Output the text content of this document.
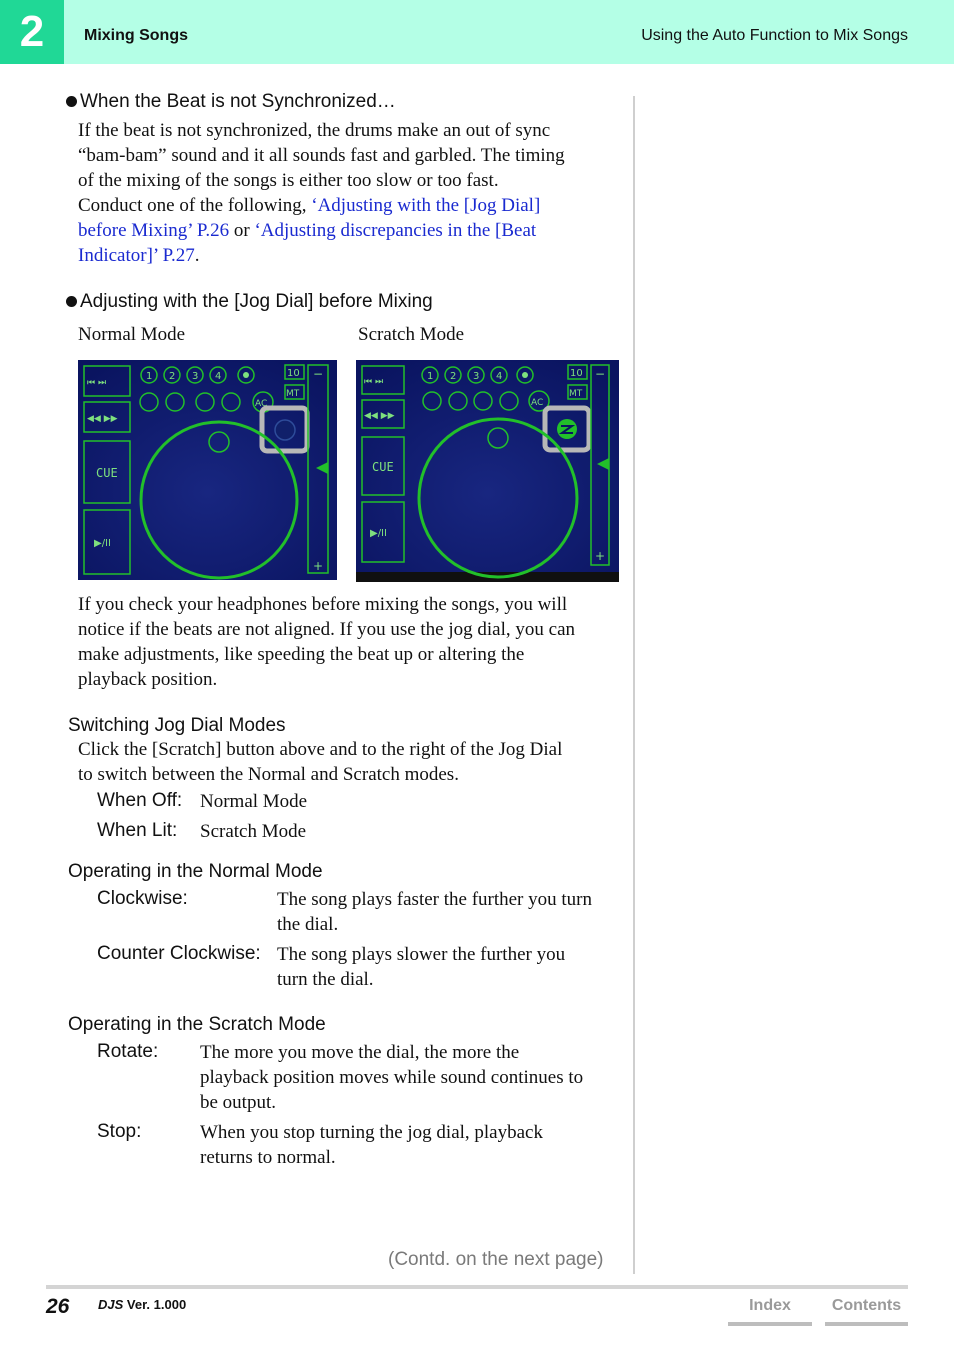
2	Mixing Songs	Using the Auto Function to Mix Songs
When the Beat is not Synchronized…
If the beat is not synchronized, the drums make an out of sync
“bam-bam” sound and it all sounds fast and garbled. The timing
of the mixing of the songs is either too slow or too fast.
Conduct one of the following, ‘Adjusting with the [Jog Dial]
before Mixing’ P.26 or ‘Adjusting discrepancies in the [Beat
Indicator]’ P.27.
Adjusting with the [Jog Dial] before Mixing
Normal Mode	Scratch Mode
⏮ ⏭
◀◀ ▶▶
CUE
▶/II
1 2 3 4
AC
10
MT
−
+
⏮ ⏭
◀◀ ▶▶
CUE
▶/II
1 2 3 4
AC
10
MT
−
+
If you check your headphones before mixing the songs, you will
notice if the beats are not aligned. If you use the jog dial, you can
make adjustments, like speeding the beat up or altering the
playback position.
Switching Jog Dial Modes
Click the [Scratch] button above and to the right of the Jog Dial
to switch between the Normal and Scratch modes.
When Off: Normal Mode
When Lit: Scratch Mode
Operating in the Normal Mode
Clockwise:	The song plays faster the further you turn
the dial.
Counter Clockwise: The song plays slower the further you
turn the dial.
Operating in the Scratch Mode
Rotate: The more you move the dial, the more the
playback position moves while sound continues to
be output.
Stop:	When you stop turning the jog dial, playback
returns to normal.
(Contd. on the next page)
26 DJS Ver. 1.000	Index	Contents
